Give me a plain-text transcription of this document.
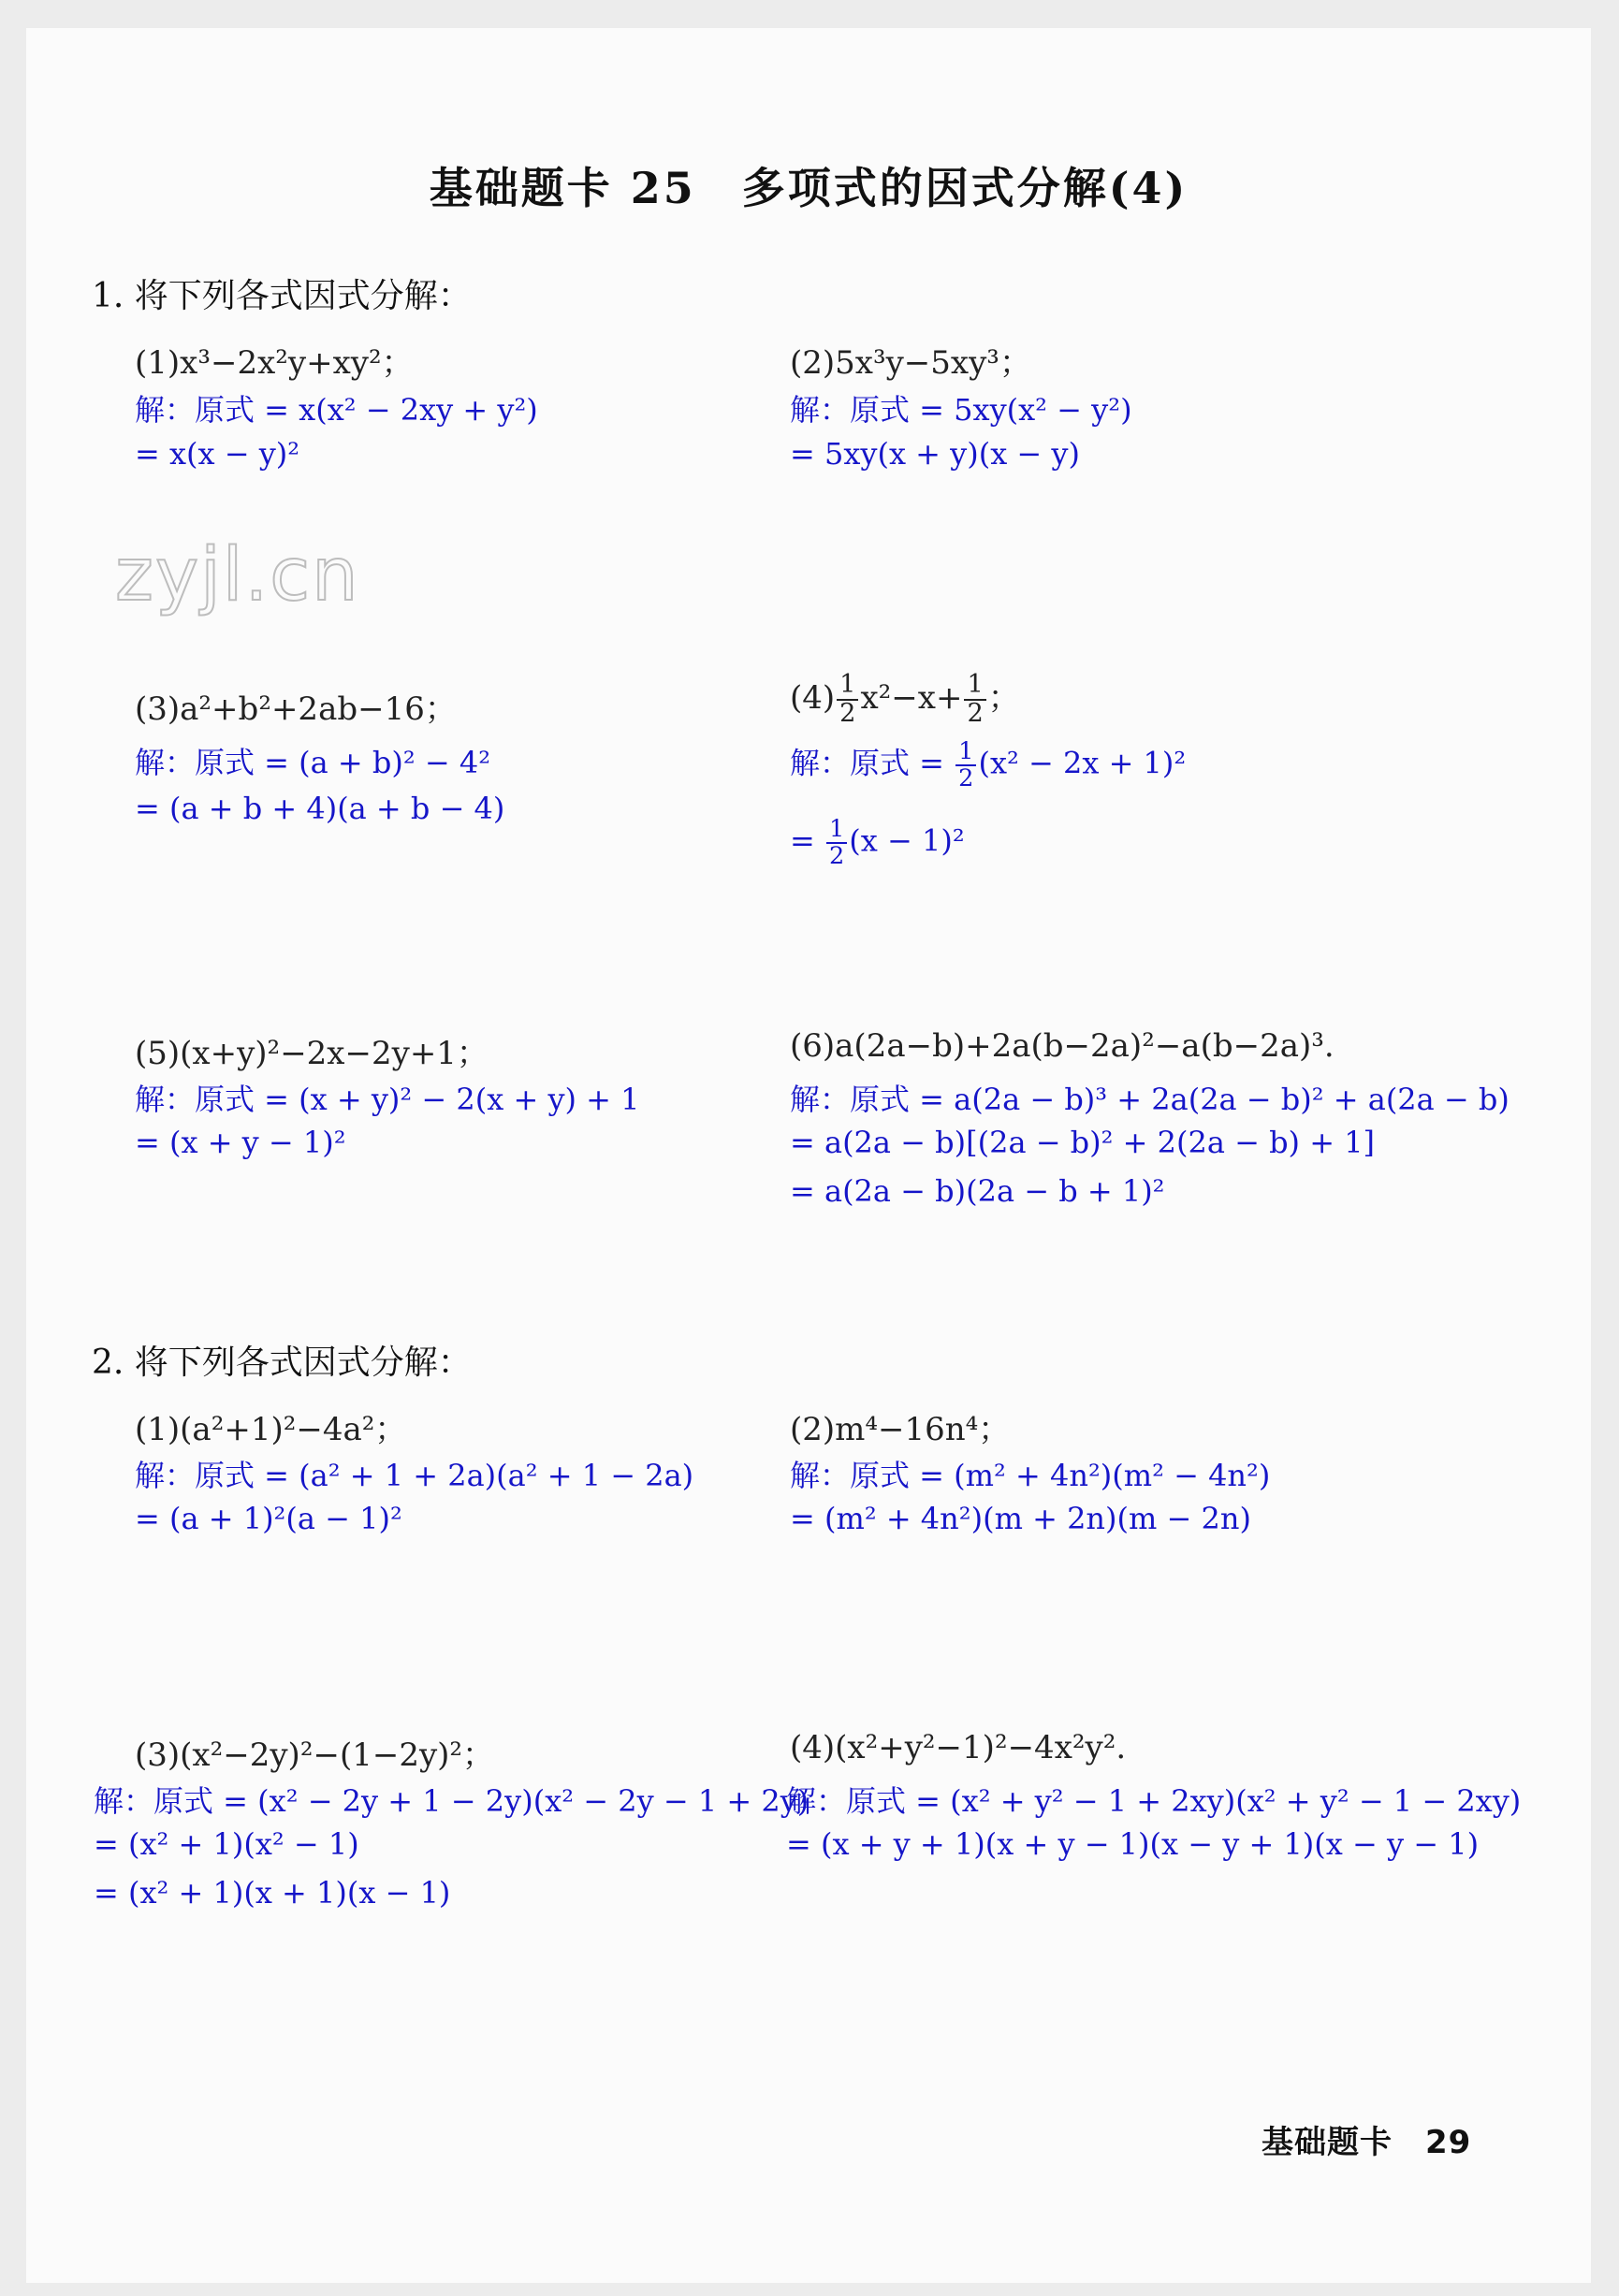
基础题卡 25　多项式的因式分解(4)
zyjl.cn
1. 将下列各式因式分解：
(1)x³−2x²y+xy²；
解：原式 = x(x² − 2xy + y²)
= x(x − y)²
(2)5x³y−5xy³；
解：原式 = 5xy(x² − y²)
= 5xy(x + y)(x − y)
(3)a²+b²+2ab−16；
解：原式 = (a + b)² − 4²
= (a + b + 4)(a + b − 4)
$(4) \frac{1}{2} x^2-x+ \frac{1}{2}$ ；
解：原式 = $\frac{1}{2} (x^2 - 2x + 1)^2$
= $\frac{1}{2} (x - 1)^2$
(5)(x+y)²−2x−2y+1；
解：原式 = (x + y)² − 2(x + y) + 1
= (x + y − 1)²
(6)a(2a−b)+2a(b−2a)²−a(b−2a)³.
解：原式 = a(2a − b)³ + 2a(2a − b)² + a(2a − b)
= a(2a − b)[(2a − b)² + 2(2a − b) + 1]
= a(2a − b)(2a − b + 1)²
2. 将下列各式因式分解：
(1)(a²+1)²−4a²；
解：原式 = (a² + 1 + 2a)(a² + 1 − 2a)
= (a + 1)²(a − 1)²
(2)m⁴−16n⁴；
解：原式 = (m² + 4n²)(m² − 4n²)
= (m² + 4n²)(m + 2n)(m − 2n)
(3)(x²−2y)²−(1−2y)²；
解：原式 = (x² − 2y + 1 − 2y)(x² − 2y − 1 + 2y)
= (x² + 1)(x² − 1)
= (x² + 1)(x + 1)(x − 1)
(4)(x²+y²−1)²−4x²y².
解：原式 = (x² + y² − 1 + 2xy)(x² + y² − 1 − 2xy)
= (x + y + 1)(x + y − 1)(x − y + 1)(x − y − 1)
基础题卡　29
